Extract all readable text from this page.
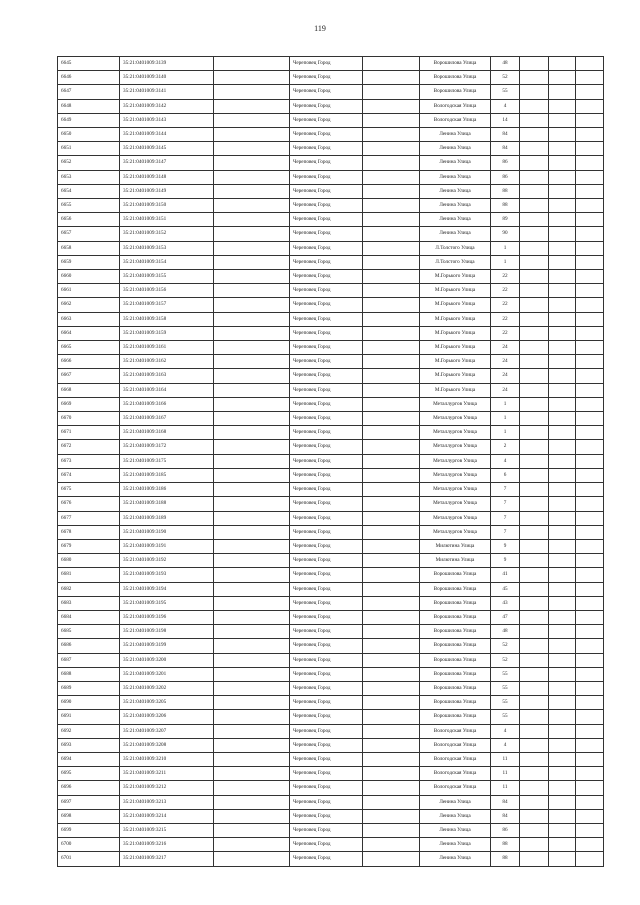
119
6645	35:21:0401009:3139		Череповец Город		Ворошилова Улица	48			
6646	35:21:0401009:3140		Череповец Город		Ворошилова Улица	52			
6647	35:21:0401009:3141		Череповец Город		Ворошилова Улица	55			
6648	35:21:0401009:3142		Череповец Город		Вологодская Улица	4			
6649	35:21:0401009:3143		Череповец Город		Вологодская Улица	14			
6650	35:21:0401009:3144		Череповец Город		Ленина Улица	84			
6651	35:21:0401009:3145		Череповец Город		Ленина Улица	84			
6652	35:21:0401009:3147		Череповец Город		Ленина Улица	86			
6653	35:21:0401009:3148		Череповец Город		Ленина Улица	86			
6654	35:21:0401009:3149		Череповец Город		Ленина Улица	88			
6655	35:21:0401009:3150		Череповец Город		Ленина Улица	88			
6656	35:21:0401009:3151		Череповец Город		Ленина Улица	89			
6657	35:21:0401009:3152		Череповец Город		Ленина Улица	90			
6658	35:21:0401009:3153		Череповец Город		Л.Толстого Улица	1			
6659	35:21:0401009:3154		Череповец Город		Л.Толстого Улица	1			
6660	35:21:0401009:3155		Череповец Город		М.Горького Улица	22			
6661	35:21:0401009:3156		Череповец Город		М.Горького Улица	22			
6662	35:21:0401009:3157		Череповец Город		М.Горького Улица	22			
6663	35:21:0401009:3158		Череповец Город		М.Горького Улица	22			
6664	35:21:0401009:3159		Череповец Город		М.Горького Улица	22			
6665	35:21:0401009:3161		Череповец Город		М.Горького Улица	24			
6666	35:21:0401009:3162		Череповец Город		М.Горького Улица	24			
6667	35:21:0401009:3163		Череповец Город		М.Горького Улица	24			
6668	35:21:0401009:3164		Череповец Город		М.Горького Улица	24			
6669	35:21:0401009:3166		Череповец Город		Металлургов Улица	1			
6670	35:21:0401009:3167		Череповец Город		Металлургов Улица	1			
6671	35:21:0401009:3168		Череповец Город		Металлургов Улица	1			
6672	35:21:0401009:3172		Череповец Город		Металлургов Улица	2			
6673	35:21:0401009:3175		Череповец Город		Металлургов Улица	4			
6674	35:21:0401009:3185		Череповец Город		Металлургов Улица	6			
6675	35:21:0401009:3186		Череповец Город		Металлургов Улица	7			
6676	35:21:0401009:3188		Череповец Город		Металлургов Улица	7			
6677	35:21:0401009:3189		Череповец Город		Металлургов Улица	7			
6678	35:21:0401009:3190		Череповец Город		Металлургов Улица	7			
6679	35:21:0401009:3191		Череповец Город		Милютина Улица	9			
6680	35:21:0401009:3192		Череповец Город		Милютина Улица	9			
6681	35:21:0401009:3193		Череповец Город		Ворошилова Улица	41			
6682	35:21:0401009:3194		Череповец Город		Ворошилова Улица	45			
6683	35:21:0401009:3195		Череповец Город		Ворошилова Улица	43			
6684	35:21:0401009:3196		Череповец Город		Ворошилова Улица	47			
6685	35:21:0401009:3198		Череповец Город		Ворошилова Улица	48			
6686	35:21:0401009:3199		Череповец Город		Ворошилова Улица	52			
6687	35:21:0401009:3200		Череповец Город		Ворошилова Улица	52			
6688	35:21:0401009:3201		Череповец Город		Ворошилова Улица	55			
6689	35:21:0401009:3202		Череповец Город		Ворошилова Улица	55			
6690	35:21:0401009:3205		Череповец Город		Ворошилова Улица	55			
6691	35:21:0401009:3206		Череповец Город		Ворошилова Улица	55			
6692	35:21:0401009:3207		Череповец Город		Вологодская Улица	4			
6693	35:21:0401009:3208		Череповец Город		Вологодская Улица	4			
6694	35:21:0401009:3210		Череповец Город		Вологодская Улица	11			
6695	35:21:0401009:3211		Череповец Город		Вологодская Улица	11			
6696	35:21:0401009:3212		Череповец Город		Вологодская Улица	11			
6697	35:21:0401009:3213		Череповец Город		Ленина Улица	84			
6698	35:21:0401009:3214		Череповец Город		Ленина Улица	84			
6699	35:21:0401009:3215		Череповец Город		Ленина Улица	86			
6700	35:21:0401009:3216		Череповец Город		Ленина Улица	88			
6701	35:21:0401009:3217		Череповец Город		Ленина Улица	88			
